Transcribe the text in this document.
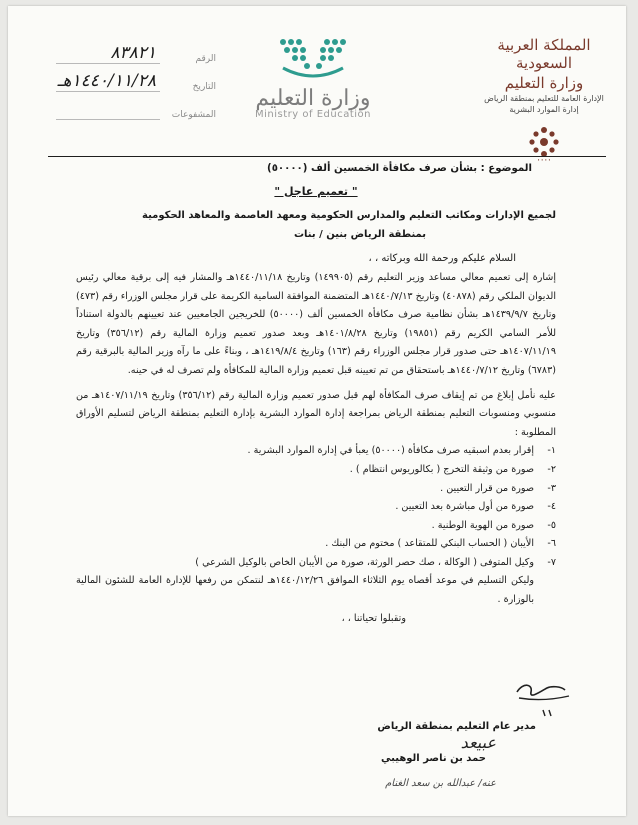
المملكة العربية السعودية
وزارة التعليم
الإدارة العامة للتعليم بمنطقة الرياض
إدارة الموارد البشرية
• • • •
وزارة التعليم
Ministry of Education
الرقم
٨٣٨٢١
التاريخ
١٤٤٠/١١/٢٨هـ
المشفوعات
الموضوع : بشأن صرف مكافأة الخمسين ألف (٥٠٠٠٠)
" تعميم عاجل "
لجميع الإدارات ومكاتب التعليم والمدارس الحكومية ومعهد العاصمة والمعاهد الحكومية
بمنطقة الرياض بنين / بنات
السلام عليكم ورحمة الله وبركاته ، ،
إشارة إلى تعميم معالي مساعد وزير التعليم رقم (١٤٩٩٠٥) وتاريخ ١٤٤٠/١١/١٨هـ والمشار فيه إلى برقية معالي رئيس الديوان الملكي رقم (٤٠٨٧٨) وتاريخ ١٤٤٠/٧/١٣هـ المتضمنة الموافقة السامية الكريمة على قرار مجلس الوزراء رقم (٤٧٣) وتاريخ ١٤٣٩/٩/٧هـ بشأن نظامية صرف مكافأة الخمسين ألف (٥٠٠٠٠) للخريجين الجامعيين عند تعيينهم بالدولة استناداً للأمر السامي الكريم رقم (١٩٨٥١) وتاريخ ١٤٠١/٨/٢٨هـ وبعد صدور تعميم وزارة المالية رقم (٣٥٦/١٢) وتاريخ ١٤٠٧/١١/١٩هـ حتى صدور قرار مجلس الوزراء رقم (١٦٣) وتاريخ ١٤١٩/٨/٤هـ ، وبناءً على ما رآه وزير المالية بالبرقية رقم (٦٧٨٣) وتاريخ ١٤٤٠/٧/١٢هـ باستحقاق من تم تعيينه قبل تعميم وزارة المالية للمكافأة ولم تصرف له في حينه.
عليه نأمل إبلاغ من تم إيقاف صرف المكافأة لهم قبل صدور تعميم وزارة المالية رقم (٣٥٦/١٢) وتاريخ ١٤٠٧/١١/١٩هـ من منسوبي ومنسوبات التعليم بمنطقة الرياض بمراجعة إدارة الموارد البشرية بإدارة التعليم بمنطقة الرياض لتسليم الأوراق المطلوبة :
١-
إقرار بعدم اسبقيه صرف مكافأة (٥٠٠٠٠) يعبأ في إدارة الموارد البشرية .
٢-
صورة من وثيقة التخرج ( بكالوريوس انتظام ) .
٣-
صورة من قرار التعيين .
٤-
صورة من أول مباشرة بعد التعيين .
٥-
صورة من الهوية الوطنية .
٦-
الأيبان ( الحساب البنكي للمتقاعد ) مختوم من البنك .
٧-
وكيل المتوفى ( الوكالة ، صك حصر الورثة، صورة من الأيبان الخاص بالوكيل الشرعي )
وليكن التسليم في موعد أقصاه يوم الثلاثاء الموافق ١٤٤٠/١٢/٢٦هـ لنتمكن من رفعها للإدارة العامة للشئون المالية بالوزارة .
وتقبلوا تحياتنا ، ،
مدير عام التعليم بمنطقة الرياض
عبيعد
حمد بن ناصر الوهيبي
عنه/ عبدالله بن سعد الغنام
